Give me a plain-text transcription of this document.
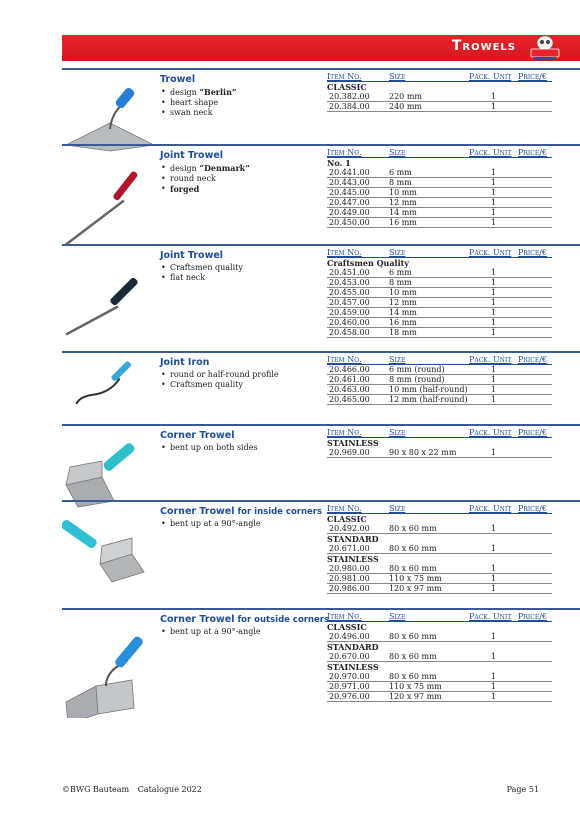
Trowels
Trowel
• design “Berlin”
• heart shape
• swan neck
Item No.	Size	Pack. Unit Price/€
CLASSIC
20.382.00 220 mm	1
20.384.00 240 mm	1
Joint Trowel
• design “Denmark”
• round neck
• forged
Item No.	Size	Pack. Unit Price/€
No. 1
20.441.00 6 mm	1
20.443.00 8 mm	1
20.445.00 10 mm	1
20.447.00 12 mm	1
20.449.00 14 mm	1
20.450.00 16 mm	1
Joint Trowel
• Craftsmen quality
• flat neck
Item No.	Size	Pack. Unit Price/€
Craftsmen Quality
20.451.00 6 mm	1
20.453.00 8 mm	1
20.455.00 10 mm	1
20.457.00 12 mm	1
20.459.00 14 mm	1
20.460.00 16 mm	1
20.458.00 18 mm	1
Joint Iron
• round or half-round profile
• Craftsmen quality
Item No.	Size	Pack. Unit Price/€
20.466.00 6 mm (round)	1
20.461.00 8 mm (round)	1
20.463.00 10 mm (half-round)	1
20.465.00 12 mm (half-round)	1
Corner Trowel
• bent up on both sides
Item No.	Size	Pack. Unit Price/€
STAINLESS
20.969.00 90 x 80 x 22 mm	1
Corner Trowel for inside corners
• bent up at a 90°-angle
Item No.	Size	Pack. Unit Price/€
CLASSIC
20.492.00 80 x 60 mm	1
STANDARD
20.671.00 80 x 60 mm	1
STAINLESS
20.980.00 80 x 60 mm	1
20.981.00 110 x 75 mm	1
20.986.00 120 x 97 mm	1
Corner Trowel for outside corners
• bent up at a 90°-angle
Item No.	Size	Pack. Unit Price/€
CLASSIC
20.496.00 80 x 60 mm	1
STANDARD
20.670.00 80 x 60 mm	1
STAINLESS
20.970.00 80 x 60 mm	1
20.971.00 110 x 75 mm	1
20.976.00 120 x 97 mm	1
©BWG Bauteam Catalogue 2022	Page 51
